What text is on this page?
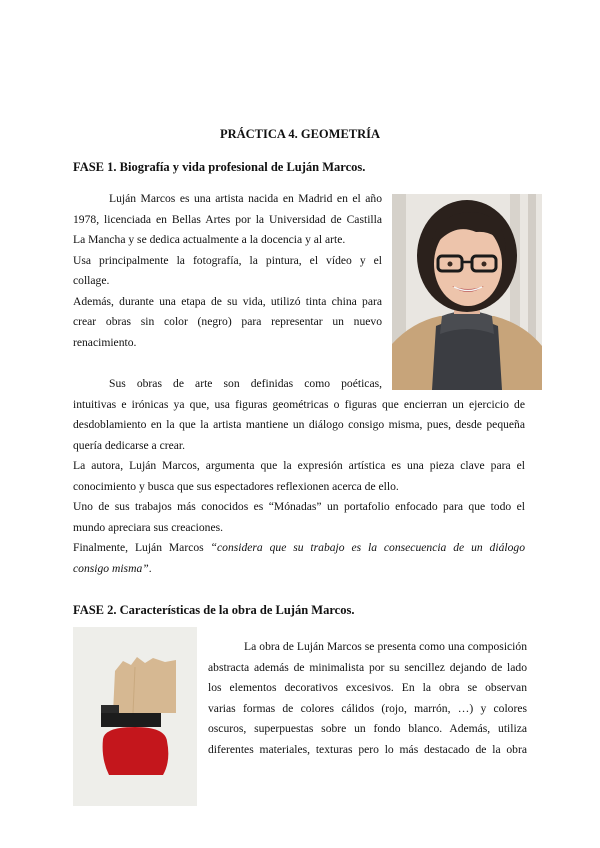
PRÁCTICA 4. GEOMETRÍA
FASE 1. Biografía y vida profesional de Luján Marcos.
Luján Marcos es una artista nacida en Madrid en el año
1978, licenciada en Bellas Artes por la Universidad de Castilla
La Mancha y se dedica actualmente a la docencia y al arte.
Usa principalmente la fotografía, la pintura, el vídeo y el
collage.
Además, durante una etapa de su vida, utilizó tinta china para
crear obras sin color (negro) para representar un nuevo
renacimiento.
Sus obras de arte son definidas como poéticas,
intuitivas e irónicas ya que, usa figuras geométricas o figuras que encierran un ejercicio de
desdoblamiento en la que la artista mantiene un diálogo consigo misma, pues, desde pequeña
quería dedicarse a crear.
La autora, Luján Marcos, argumenta que la expresión artística es una pieza clave para el
conocimiento y busca que sus espectadores reflexionen acerca de ello.
Uno de sus trabajos más conocidos es “Mónadas” un portafolio enfocado para que todo el
mundo apreciara sus creaciones.
Finalmente, Luján Marcos “considera que su trabajo es la consecuencia de un diálogo
consigo misma”.
FASE 2. Características de la obra de Luján Marcos.
La obra de Luján Marcos se presenta como una composición
abstracta además de minimalista por su sencillez dejando de lado
los elementos decorativos excesivos. En la obra se observan
varias formas de colores cálidos (rojo, marrón, …) y colores
oscuros, superpuestas sobre un fondo blanco. Además, utiliza
diferentes materiales, texturas pero lo más destacado de la obra
